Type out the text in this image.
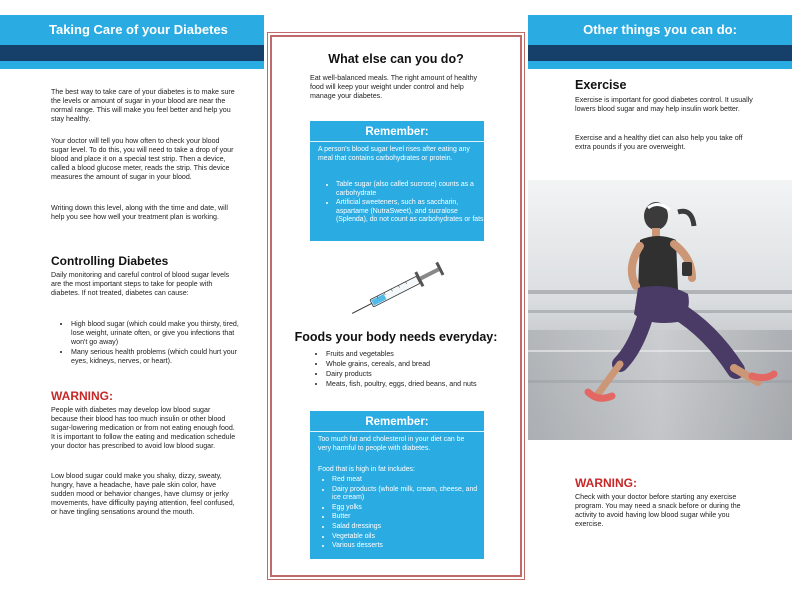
Taking Care of your Diabetes

The best way to take care of your diabetes is to make sure the levels or amount of sugar in your blood are near the normal range. This will make you feel better and help you stay healthy.

Your doctor will tell you how often to check your blood sugar level. To do this, you will need to take a drop of your blood and place it on a special test strip. Then a device, called a blood glucose meter, reads the strip. This device measures the amount of sugar in your blood.

Writing down this level, along with the time and date, will help you see how well your treatment plan is working.

Controlling Diabetes

Daily monitoring and careful control of blood sugar levels are the most important steps to take for people with diabetes. If not treated, diabetes can cause:

• High blood sugar (which could make you thirsty, tired, lose weight, urinate often, or give you infections that won't go away)
• Many serious health problems (which could hurt your eyes, kidneys, nerves, or heart).
WARNING:

People with diabetes may develop low blood sugar because their blood has too much insulin or other blood sugar-lowering medication or from not eating enough food. It is important to follow the eating and medication schedule your doctor has prescribed to avoid low blood sugar.

Low blood sugar could make you shaky, dizzy, sweaty, hungry, have a headache, have pale skin color, have sudden mood or behavior changes, have clumsy or jerky movements, have difficulty paying attention, feel confused, or have tingling sensations around the mouth.

What else can you do?

Eat well-balanced meals. The right amount of healthy food will keep your weight under control and help manage your diabetes.

Remember:

A person's blood sugar level rises after eating any meal that contains carbohydrates or protein.

• Table sugar (also called sucrose) counts as a carbohydrate
• Artificial sweeteners, such as saccharin, aspartame (NutraSweet), and sucralose (Splenda), do not count as carbohydrates or fats
Foods your body needs everyday:
• Fruits and vegetables
• Whole grains, cereals, and bread
• Dairy products
• Meats, fish, poultry, eggs, dried beans, and nuts
Remember:

Too much fat and cholesterol in your diet can be very harmful to people with diabetes.

Food that is high in fat includes:

• Red meat
• Dairy products (whole milk, cream, cheese, and ice cream)
• Egg yolks
• Butter
• Salad dressings
• Vegetable oils
• Various desserts
Other things you can do:
Exercise

Exercise is important for good diabetes control. It usually lowers blood sugar and may help insulin work better.

Exercise and a healthy diet can also help you take off extra pounds if you are overweight.

WARNING:

Check with your doctor before starting any exercise program. You may need a snack before or during the activity to avoid having low blood sugar while you exercise.
